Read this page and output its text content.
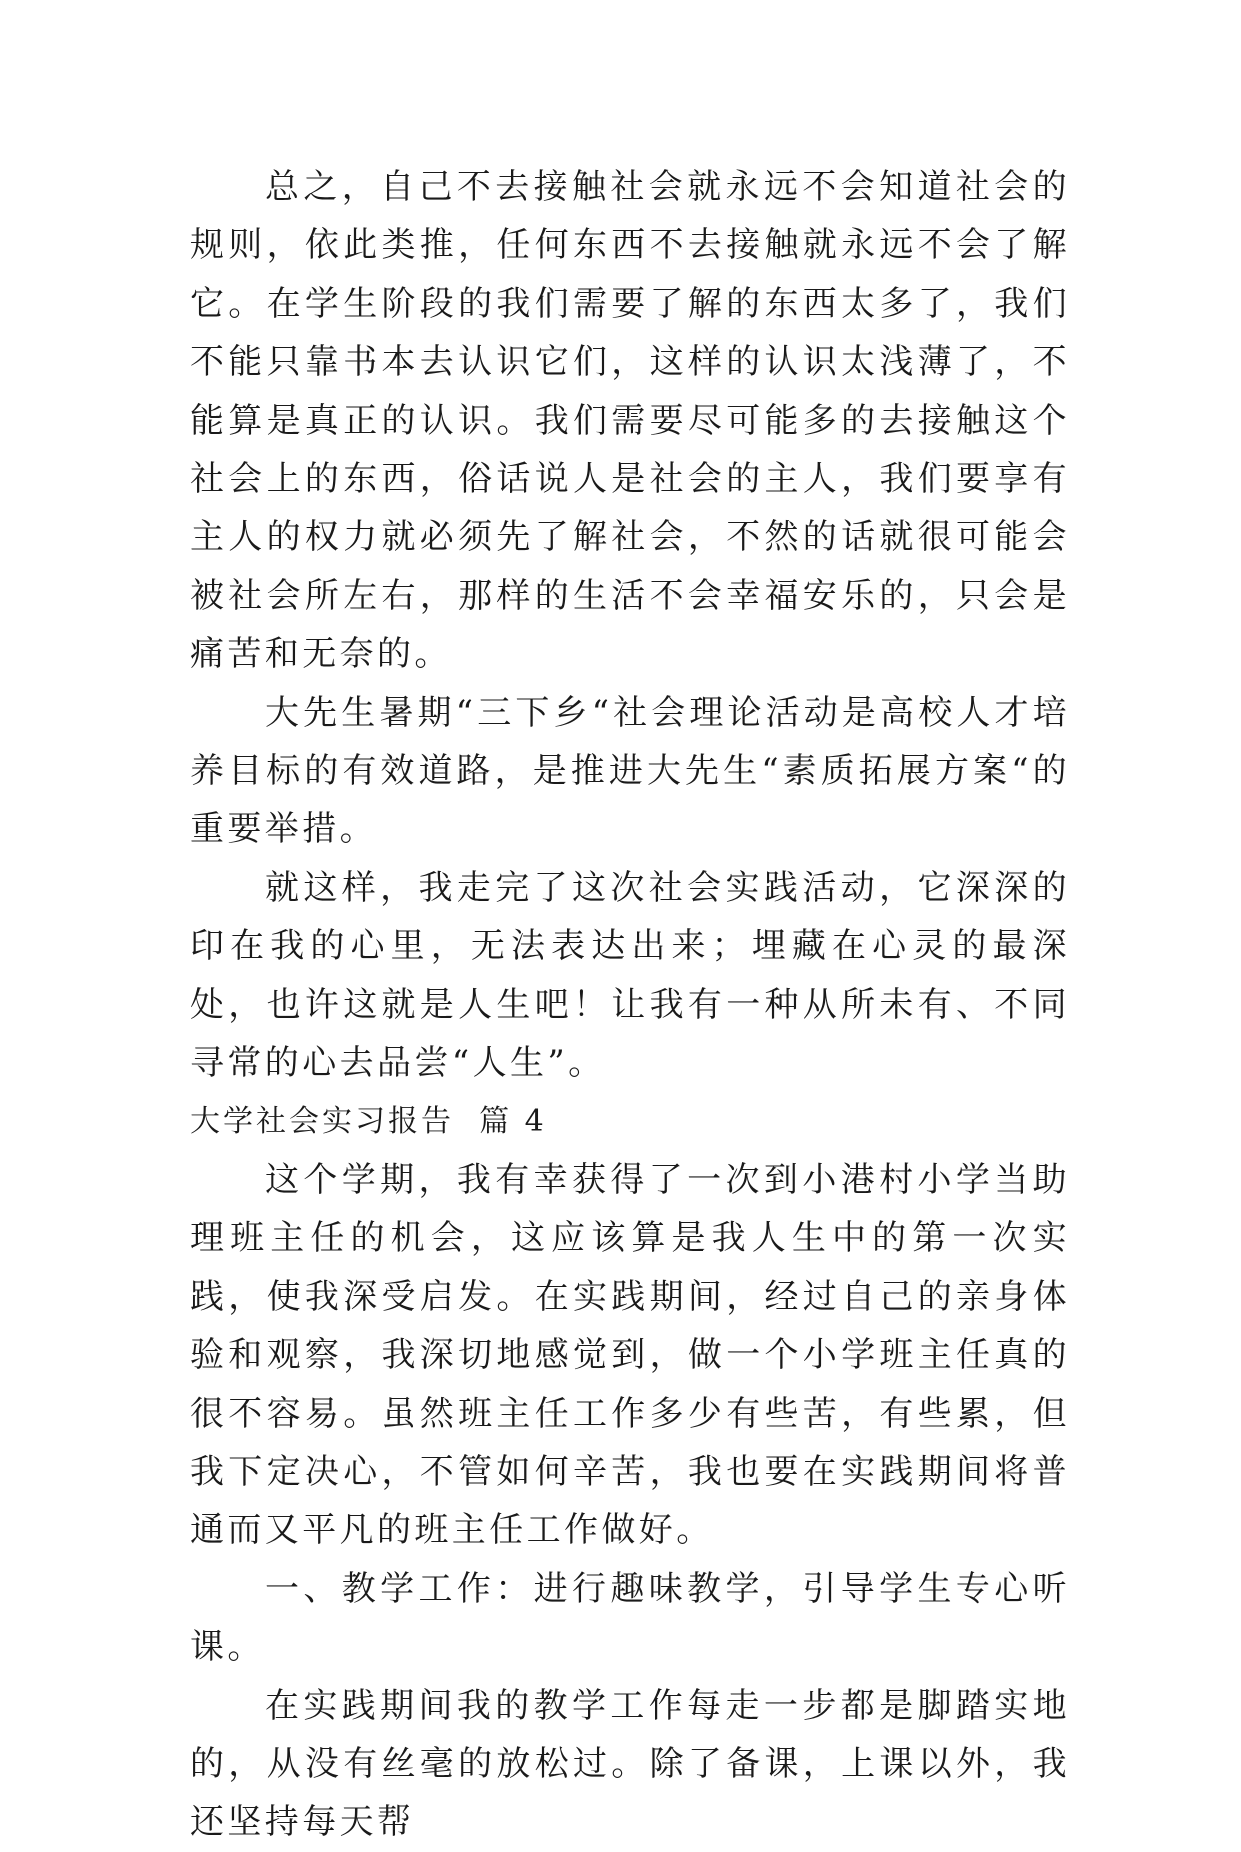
总之，自己不去接触社会就永远不会知道社会的规则，依此类推，任何东西不去接触就永远不会了解它。在学生阶段的我们需要了解的东西太多了，我们不能只靠书本去认识它们，这样的认识太浅薄了，不能算是真正的认识。我们需要尽可能多的去接触这个社会上的东西，俗话说人是社会的主人，我们要享有主人的权力就必须先了解社会，不然的话就很可能会被社会所左右，那样的生活不会幸福安乐的，只会是痛苦和无奈的。

大先生暑期“三下乡“社会理论活动是高校人才培养目标的有效道路，是推进大先生“素质拓展方案“的重要举措。

就这样，我走完了这次社会实践活动，它深深的印在我的心里，无法表达出来；埋藏在心灵的最深处，也许这就是人生吧！让我有一种从所未有、不同寻常的心去品尝“人生”。

大学社会实习报告  篇 4

这个学期，我有幸获得了一次到小港村小学当助理班主任的机会，这应该算是我人生中的第一次实践，使我深受启发。在实践期间，经过自己的亲身体验和观察，我深切地感觉到，做一个小学班主任真的很不容易。虽然班主任工作多少有些苦，有些累，但我下定决心，不管如何辛苦，我也要在实践期间将普通而又平凡的班主任工作做好。

一、教学工作：进行趣味教学，引导学生专心听课。

在实践期间我的教学工作每走一步都是脚踏实地的，从没有丝毫的放松过。除了备课，上课以外，我还坚持每天帮
